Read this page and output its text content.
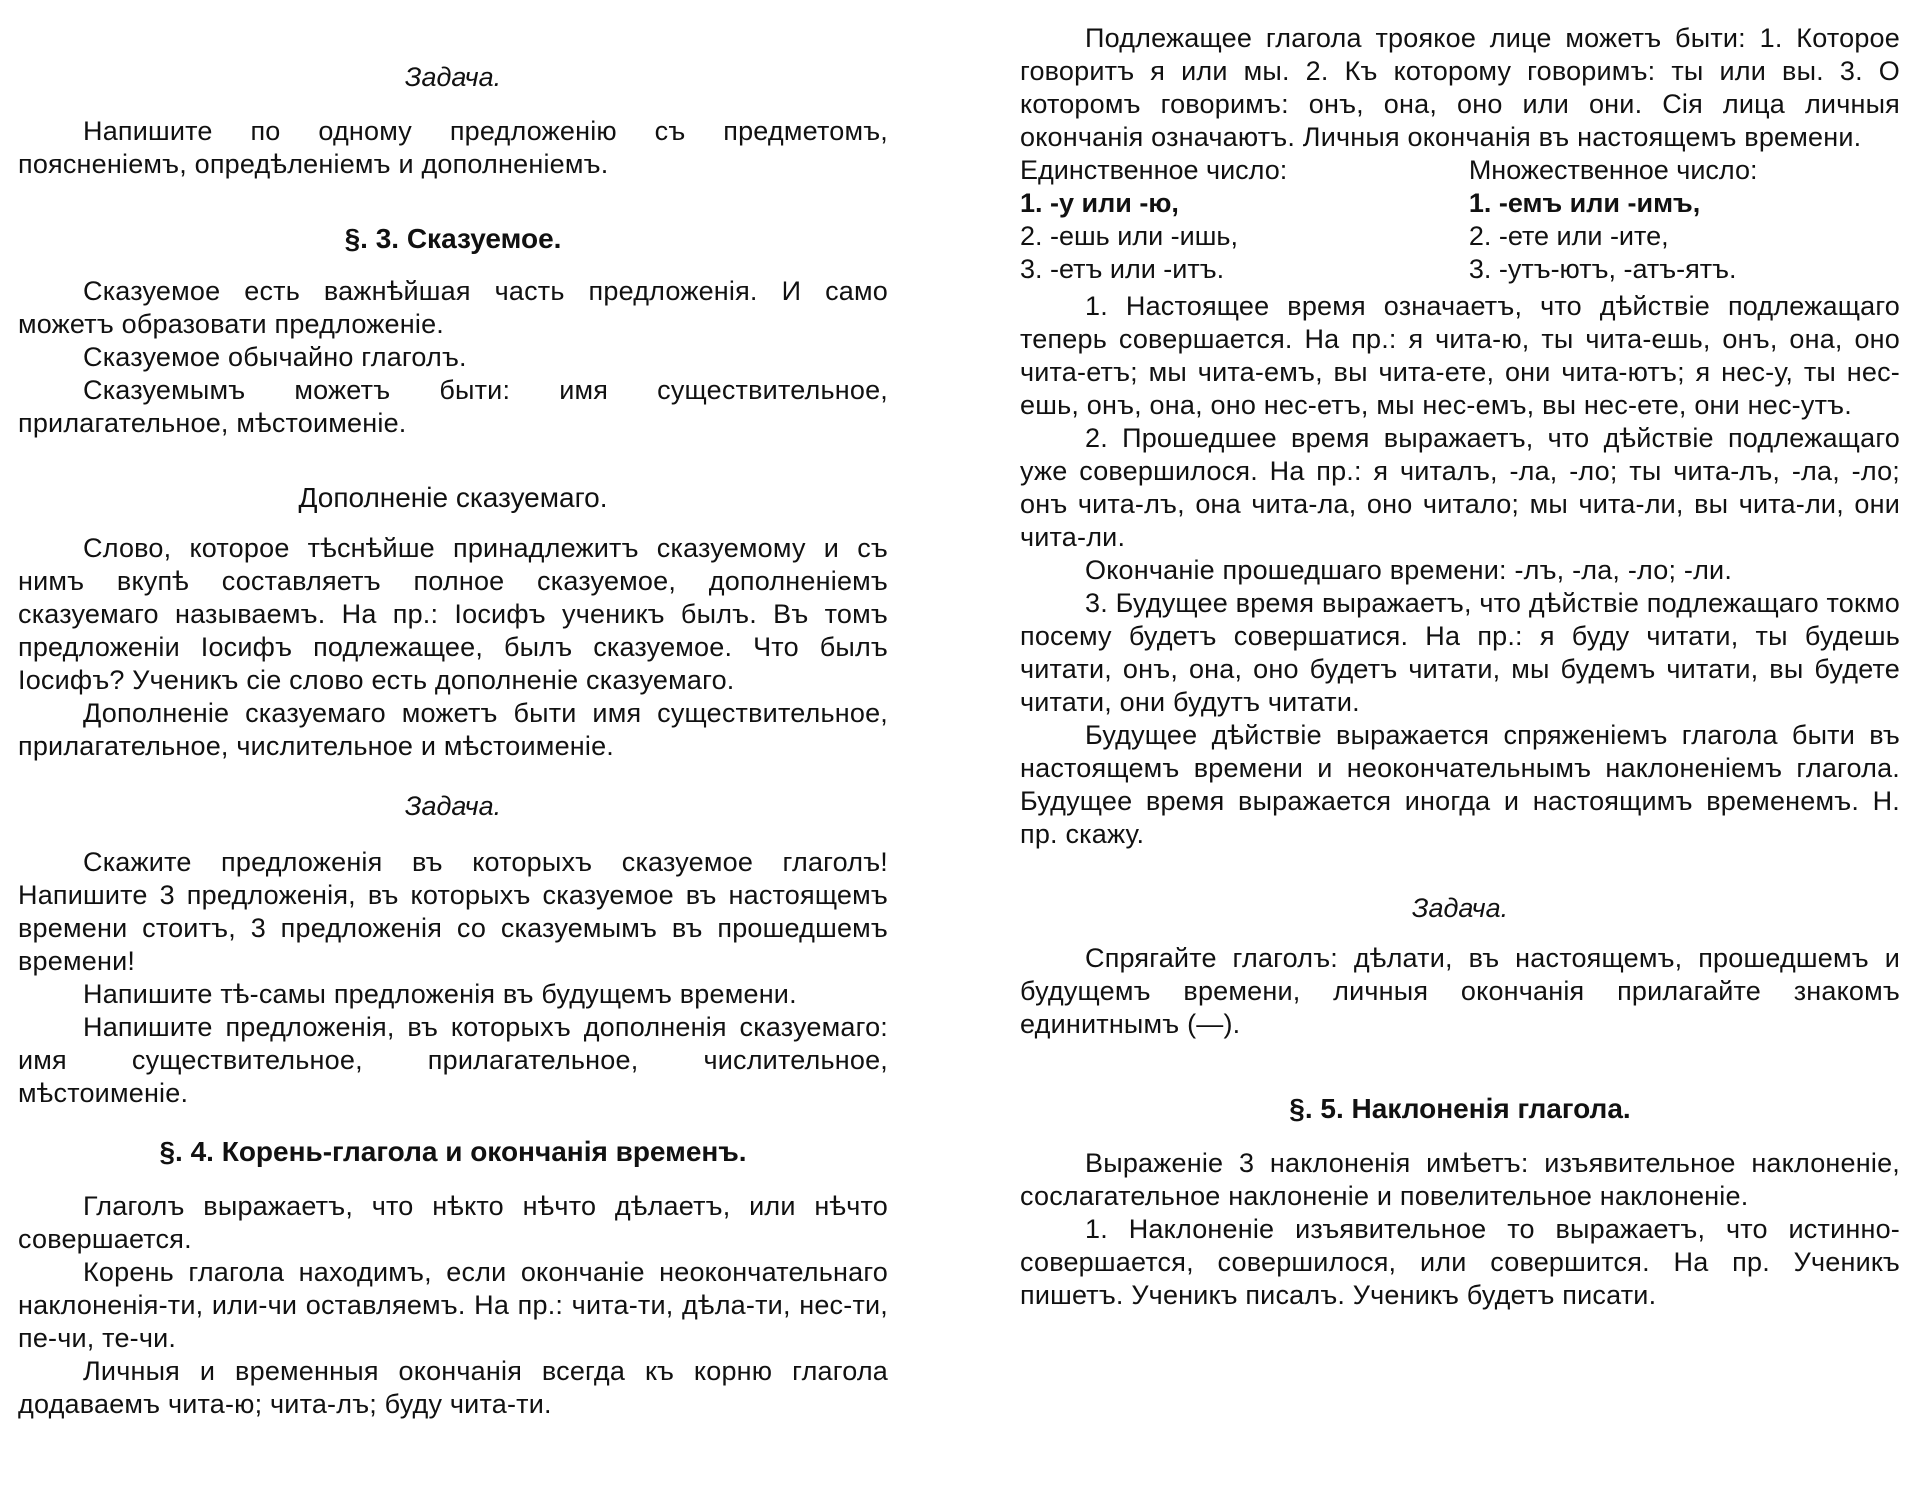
Задача.

Напишите по одному предложенію съ предметомъ, поясненіемъ, опредѣленіемъ и дополненіемъ.

§. 3. Сказуемое.

Сказуемое есть важнѣйшая часть предложенія. И само можетъ образовати предложеніе.

Сказуемое обычайно глаголъ.

Сказуемымъ можетъ быти: имя существительное, прилагательное, мѣстоименіе.

Дополненіе сказуемаго.

Слово, которое тѣснѣйше принадлежитъ сказуемому и съ нимъ вкупѣ составляетъ полное сказуемое, дополненіемъ сказуемаго называемъ. На пр.: Іосифъ ученикъ былъ. Въ томъ предложеніи Іосифъ подлежащее, былъ сказуемое. Что былъ Іосифъ? Ученикъ сіе слово есть дополненіе сказуемаго.

Дополненіе сказуемаго можетъ быти имя существительное, прилагательное, числительное и мѣстоименіе.

Задача.

Скажите предложенія въ которыхъ сказуемое глаголъ! Напишите 3 предложенія, въ которыхъ сказуемое въ настоящемъ времени стоитъ, 3 предложенія со сказуемымъ въ прошедшемъ времени!

Напишите тѣ-самы предложенія въ будущемъ времени.

Напишите предложенія, въ которыхъ дополненія сказуемаго: имя существительное, прилагательное, числительное, мѣстоименіе.

§. 4. Корень-глагола и окончанія временъ.

Глаголъ выражаетъ, что нѣкто нѣчто дѣлаетъ, или нѣчто совершается.

Корень глагола находимъ, если окончаніе неокончательнаго наклоненія-ти, или-чи оставляемъ. На пр.: чита-ти, дѣла-ти, нес-ти, пе-чи, те-чи.

Личныя и временныя окончанія всегда къ корню глагола додаваемъ чита-ю; чита-лъ; буду чита-ти.

Подлежащее глагола трoякое лице можетъ быти: 1. Которое говоритъ я или мы. 2. Къ которому говоримъ: ты или вы. 3. О которомъ говоримъ: онъ, она, оно или они. Сія лица личныя окончанія означаютъ. Личныя окончанія въ настоящемъ времени.

Единственное число:
1. -у или -ю,
2. -ешь или -ишь,
3. -етъ или -итъ.
Множественное число:
1. -емъ или -имъ,
2. -ете или -ите,
3. -утъ-ютъ, -атъ-ятъ.

1. Настоящее время означаетъ, что дѣйствіе подлежащаго теперь совершается. На пр.: я чита-ю, ты чита-ешь, онъ, она, оно чита-етъ; мы чита-емъ, вы чита-ете, они чита-ютъ; я нес-у, ты нес-ешь, онъ, она, оно нес-етъ, мы нес-емъ, вы нес-ете, они нес-утъ.

2. Прошедшее время выражаетъ, что дѣйствіе подлежащаго уже совершилося. На пр.: я читалъ, -ла, -ло; ты чита-лъ, -ла, -ло; онъ чита-лъ, она чита-ла, оно читало; мы чита-ли, вы чита-ли, они чита-ли.

Окончаніе прошедшаго времени: -лъ, -ла, -ло; -ли.

3. Будущее время выражаетъ, что дѣйствіе подлежащаго токмо посему будетъ совершатися. На пр.: я буду читати, ты будешь читати, онъ, она, оно будетъ читати, мы будемъ читати, вы будете читати, они будутъ читати.

Будущее дѣйствіе выражается спряженіемъ глагола быти въ настоящемъ времени и неокончательнымъ наклоненіемъ глагола. Будущее время выражается иногда и настоящимъ временемъ. Н. пр. скажу.

Задача.

Спрягайте глаголъ: дѣлати, въ настоящемъ, прошедшемъ и будущемъ времени, личныя окончанія прилагайте знакомъ единитнымъ (—).

§. 5. Наклоненія глагола.

Выраженіе 3 наклоненія имѣетъ: изъявительное наклоненіе, сослагательное наклоненіе и повелительное наклоненіе.

1. Наклоненіе изъявительное то выражаетъ, что истинно-совершается, совершилося, или совершится. На пр. Ученикъ пишетъ. Ученикъ писалъ. Ученикъ будетъ писати.
